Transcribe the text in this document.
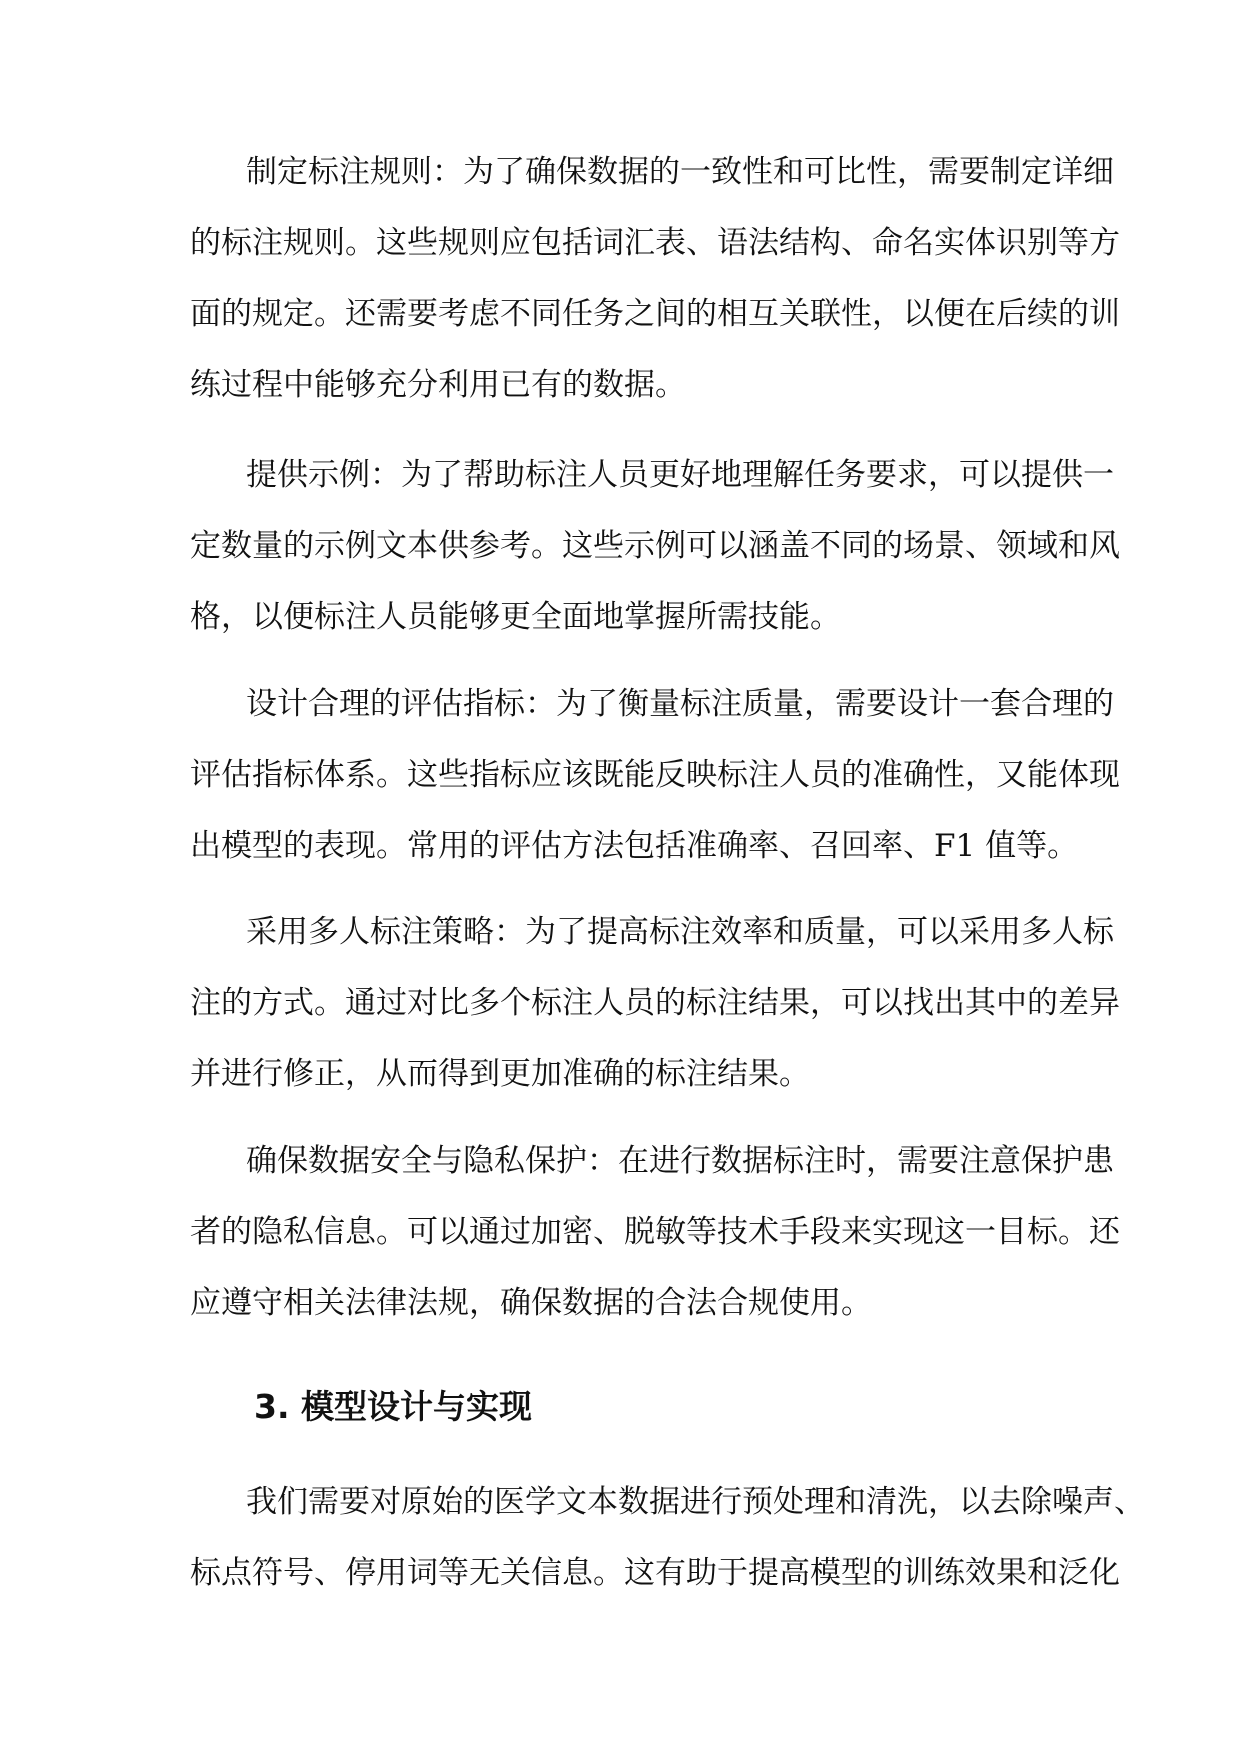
制定标注规则：为了确保数据的一致性和可比性，需要制定详细

的标注规则。这些规则应包括词汇表、语法结构、命名实体识别等方

面的规定。还需要考虑不同任务之间的相互关联性，以便在后续的训

练过程中能够充分利用已有的数据。

提供示例：为了帮助标注人员更好地理解任务要求，可以提供一

定数量的示例文本供参考。这些示例可以涵盖不同的场景、领域和风

格，以便标注人员能够更全面地掌握所需技能。

设计合理的评估指标：为了衡量标注质量，需要设计一套合理的

评估指标体系。这些指标应该既能反映标注人员的准确性，又能体现

出模型的表现。常用的评估方法包括准确率、召回率、F1 值等。

采用多人标注策略：为了提高标注效率和质量，可以采用多人标

注的方式。通过对比多个标注人员的标注结果，可以找出其中的差异

并进行修正，从而得到更加准确的标注结果。

确保数据安全与隐私保护：在进行数据标注时，需要注意保护患

者的隐私信息。可以通过加密、脱敏等技术手段来实现这一目标。还

应遵守相关法律法规，确保数据的合法合规使用。

3. 模型设计与实现

我们需要对原始的医学文本数据进行预处理和清洗，以去除噪声、

标点符号、停用词等无关信息。这有助于提高模型的训练效果和泛化
